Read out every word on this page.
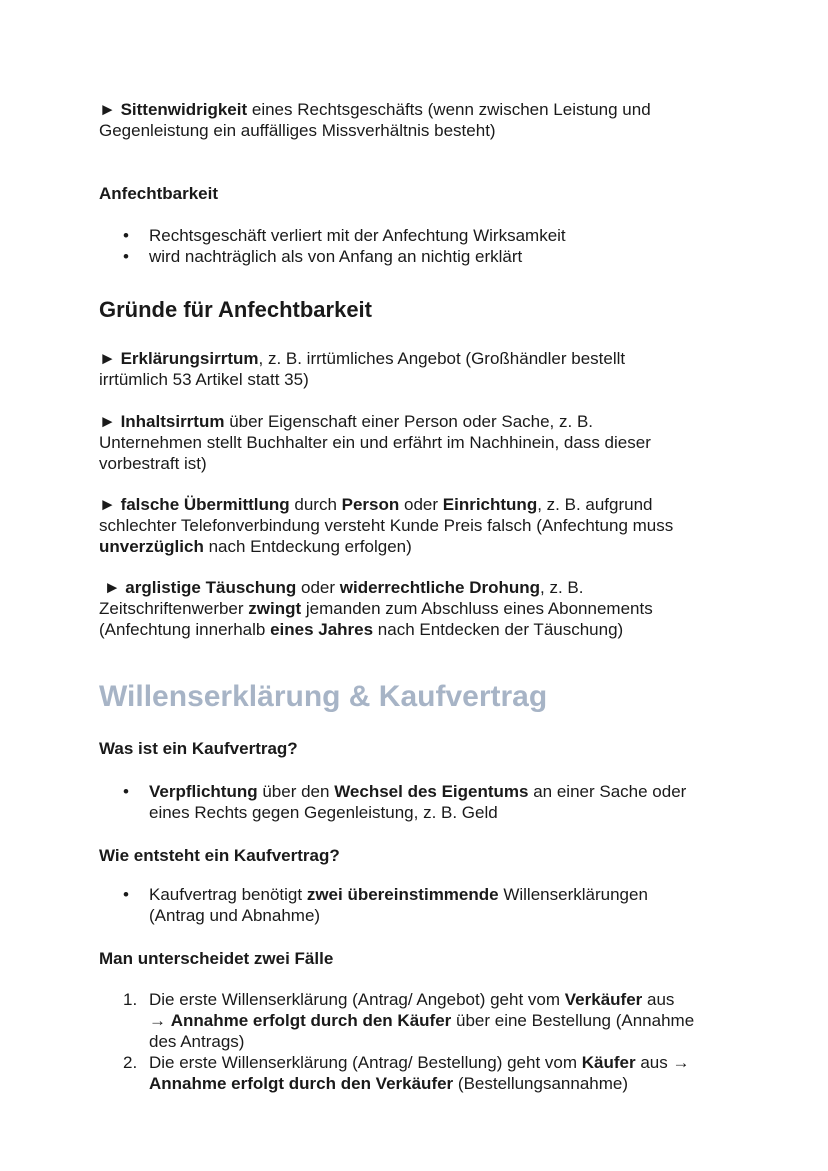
► Sittenwidrigkeit eines Rechtsgeschäfts (wenn zwischen Leistung und
Gegenleistung ein auffälliges Missverhältnis besteht)

Anfechtbarkeit

• Rechtsgeschäft verliert mit der Anfechtung Wirksamkeit
• wird nachträglich als von Anfang an nichtig erklärt

Gründe für Anfechtbarkeit

► Erklärungsirrtum, z. B. irrtümliches Angebot (Großhändler bestellt
irrtümlich 53 Artikel statt 35)

► Inhaltsirrtum über Eigenschaft einer Person oder Sache, z. B.
Unternehmen stellt Buchhalter ein und erfährt im Nachhinein, dass dieser
vorbestraft ist)

► falsche Übermittlung durch Person oder Einrichtung, z. B. aufgrund
schlechter Telefonverbindung versteht Kunde Preis falsch (Anfechtung muss
unverzüglich nach Entdeckung erfolgen)

► arglistige Täuschung oder widerrechtliche Drohung, z. B.
Zeitschriftenwerber zwingt jemanden zum Abschluss eines Abonnements
(Anfechtung innerhalb eines Jahres nach Entdecken der Täuschung)

Willenserklärung & Kaufvertrag

Was ist ein Kaufvertrag?

• Verpflichtung über den Wechsel des Eigentums an einer Sache oder
eines Rechts gegen Gegenleistung, z. B. Geld

Wie entsteht ein Kaufvertrag?

• Kaufvertrag benötigt zwei übereinstimmende Willenserklärungen
(Antrag und Abnahme)

Man unterscheidet zwei Fälle

1. Die erste Willenserklärung (Antrag/ Angebot) geht vom Verkäufer aus
→ Annahme erfolgt durch den Käufer über eine Bestellung (Annahme
des Antrags)
2. Die erste Willenserklärung (Antrag/ Bestellung) geht vom Käufer aus →
Annahme erfolgt durch den Verkäufer (Bestellungsannahme)
